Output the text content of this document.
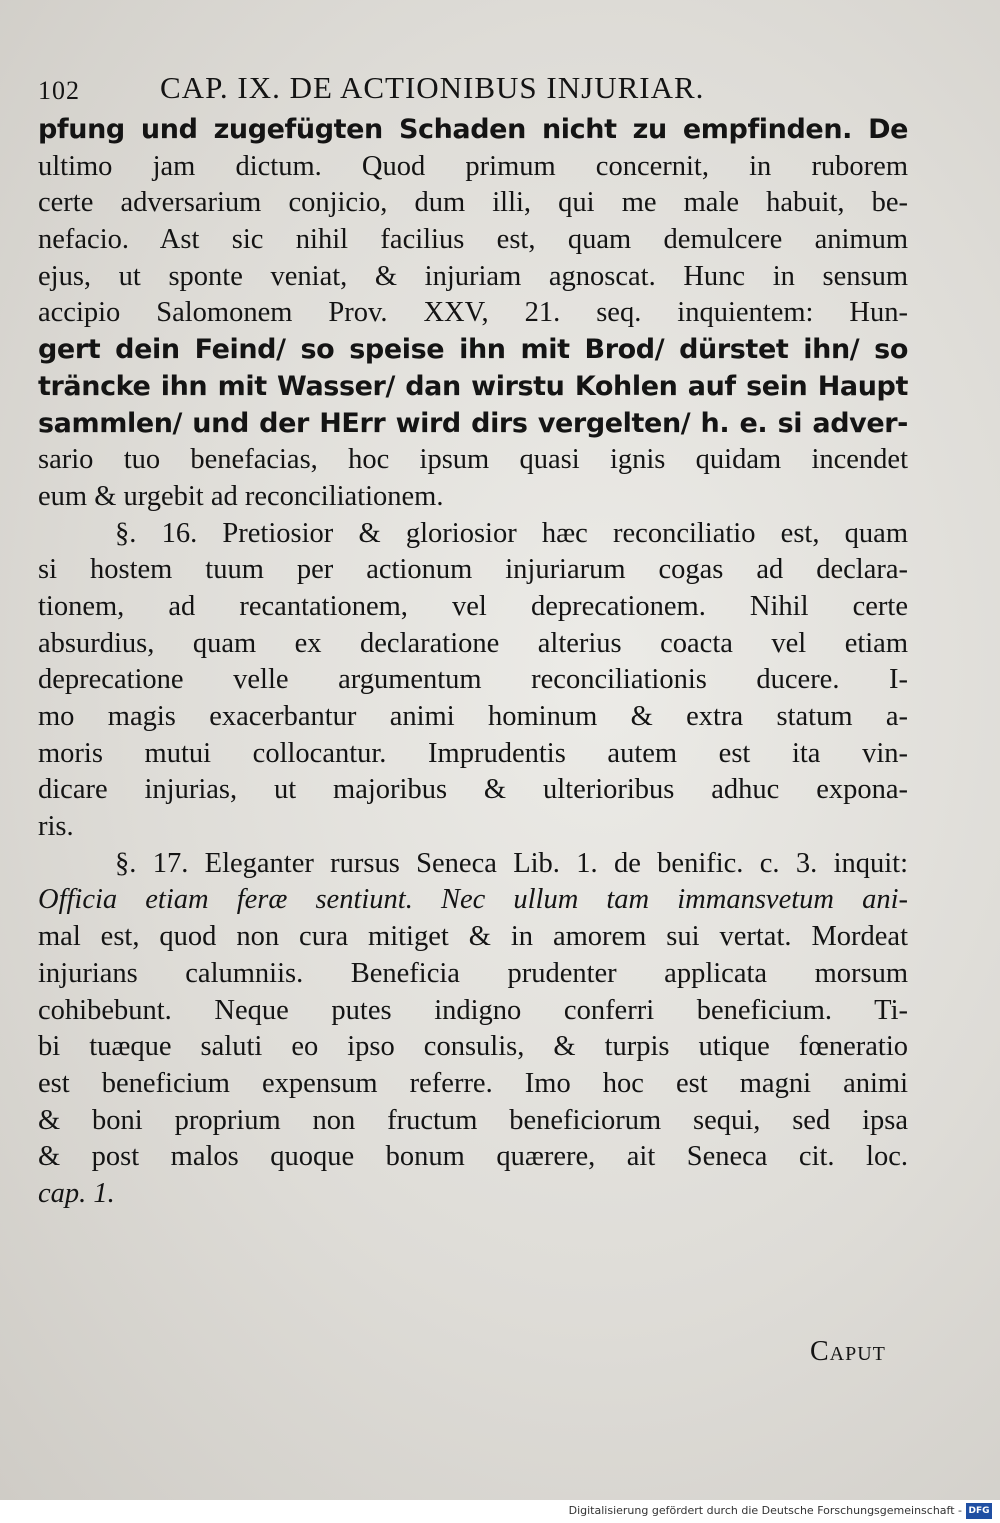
102	CAP. IX. DE ACTIONIBUS INJURIAR.
pfung und zugefügten Schaden nicht zu empfinden. De
ultimo jam dictum. Quod primum concernit, in ruborem
certe adversarium conjicio, dum illi, qui me male habuit, be-
nefacio. Ast sic nihil facilius est, quam demulcere animum
ejus, ut sponte veniat, & injuriam agnoscat. Hunc in sensum
accipio Salomonem Prov. XXV, 21. seq. inquientem: Hun-
gert dein Feind/ so speise ihn mit Brod/ dürstet ihn/ so
träncke ihn mit Wasser/ dan wirstu Kohlen auf sein Haupt
sammlen/ und der HErr wird dirs vergelten/ h. e. si adver-
sario tuo benefacias, hoc ipsum quasi ignis quidam incendet
eum & urgebit ad reconciliationem.
§. 16. Pretiosior & gloriosior hæc reconciliatio est, quam
si hostem tuum per actionum injuriarum cogas ad declara-
tionem, ad recantationem, vel deprecationem. Nihil certe
absurdius, quam ex declaratione alterius coacta vel etiam
deprecatione velle argumentum reconciliationis ducere. I-
mo magis exacerbantur animi hominum & extra statum a-
moris mutui collocantur. Imprudentis autem est ita vin-
dicare injurias, ut majoribus & ulterioribus adhuc expona-
ris.
§. 17. Eleganter rursus Seneca Lib. 1. de benific. c. 3. inquit:
Officia etiam feræ sentiunt. Nec ullum tam immansvetum ani-
mal est, quod non cura mitiget & in amorem sui vertat. Mordeat
injurians calumniis. Beneficia prudenter applicata morsum
cohibebunt. Neque putes indigno conferri beneficium. Ti-
bi tuæque saluti eo ipso consulis, & turpis utique fœneratio
est beneficium expensum referre. Imo hoc est magni animi
& boni proprium non fructum beneficiorum sequi, sed ipsa
& post malos quoque bonum quærere, ait Seneca cit. loc.
cap. 1.
Caput
Digitalisierung gefördert durch die Deutsche Forschungsgemeinschaft - DFG
